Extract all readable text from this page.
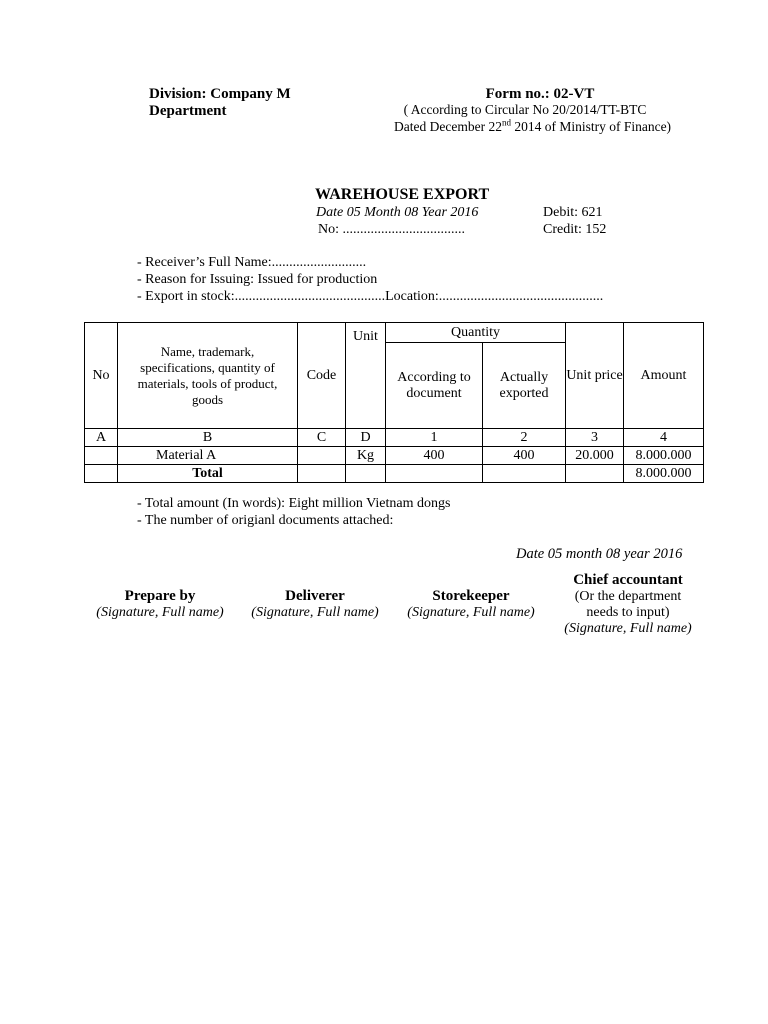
Division: Company M
Department
Form no.: 02-VT
( According to Circular No 20/2014/TT-BTC
Dated December 22nd 2014 of Ministry of Finance)
WAREHOUSE EXPORT
Date 05 Month 08 Year 2016
No: ...................................
Debit: 621
Credit: 152
- Receiver’s Full Name:...........................
- Reason for Issuing: Issued for production
- Export in stock:...........................................Location:...............................................
No	Name, trademark, specifications, quantity of materials, tools of product, goods	Code	Unit	Quantity		Unit price	Amount
				According to document	Actually exported		
A	B	C	D	1	2	3	4
	Material A		Kg	400	400	20.000	8.000.000
	Total						8.000.000
- Total amount (In words): Eight million Vietnam dongs
- The number of origianl documents attached:
Date 05 month 08 year 2016
Prepare by
(Signature, Full name)
Deliverer
(Signature, Full name)
Storekeeper
(Signature, Full name)
Chief accountant
(Or the department
needs to input)
(Signature, Full name)
